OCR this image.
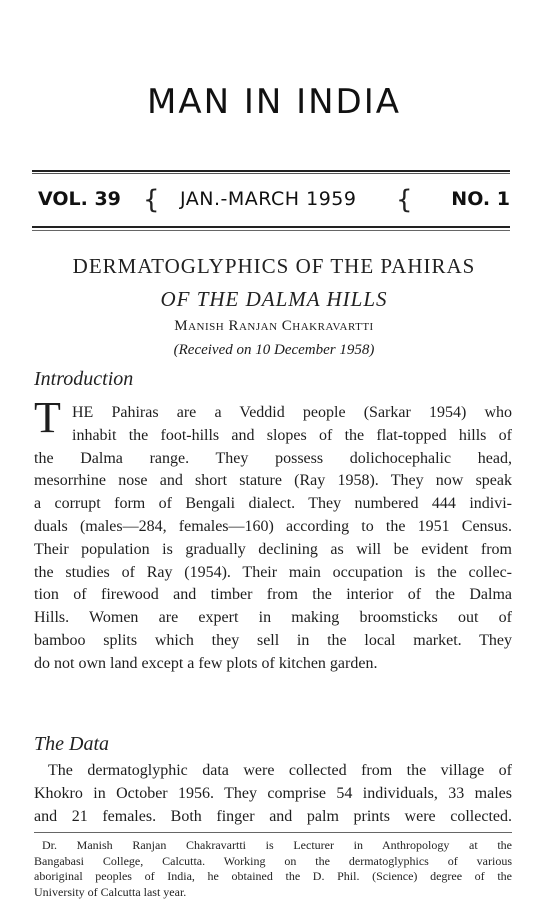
MAN IN INDIA
VOL. 39 { JAN.-MARCH 1959 { NO. 1
DERMATOGLYPHICS OF THE PAHIRAS
OF THE DALMA HILLS
Manish Ranjan Chakravartti
(Received on 10 December 1958)
Introduction
T HE Pahiras are a Veddid people (Sarkar 1954) who
inhabit the foot-hills and slopes of the flat-topped hills of
the Dalma range. They possess dolichocephalic head,
mesorrhine nose and short stature (Ray 1958). They now speak
a corrupt form of Bengali dialect. They numbered 444 indivi-
duals (males—284, females—160) according to the 1951 Census.
Their population is gradually declining as will be evident from
the studies of Ray (1954). Their main occupation is the collec-
tion of firewood and timber from the interior of the Dalma
Hills. Women are expert in making broomsticks out of
bamboo splits which they sell in the local market. They
do not own land except a few plots of kitchen garden.
The Data
The dermatoglyphic data were collected from the village of
Khokro in October 1956. They comprise 54 individuals, 33 males
and 21 females. Both finger and palm prints were collected.
Dr. Manish Ranjan Chakravartti is Lecturer in Anthropology at the
Bangabasi College, Calcutta. Working on the dermatoglyphics of various
aboriginal peoples of India, he obtained the D. Phil. (Science) degree of the
University of Calcutta last year.
